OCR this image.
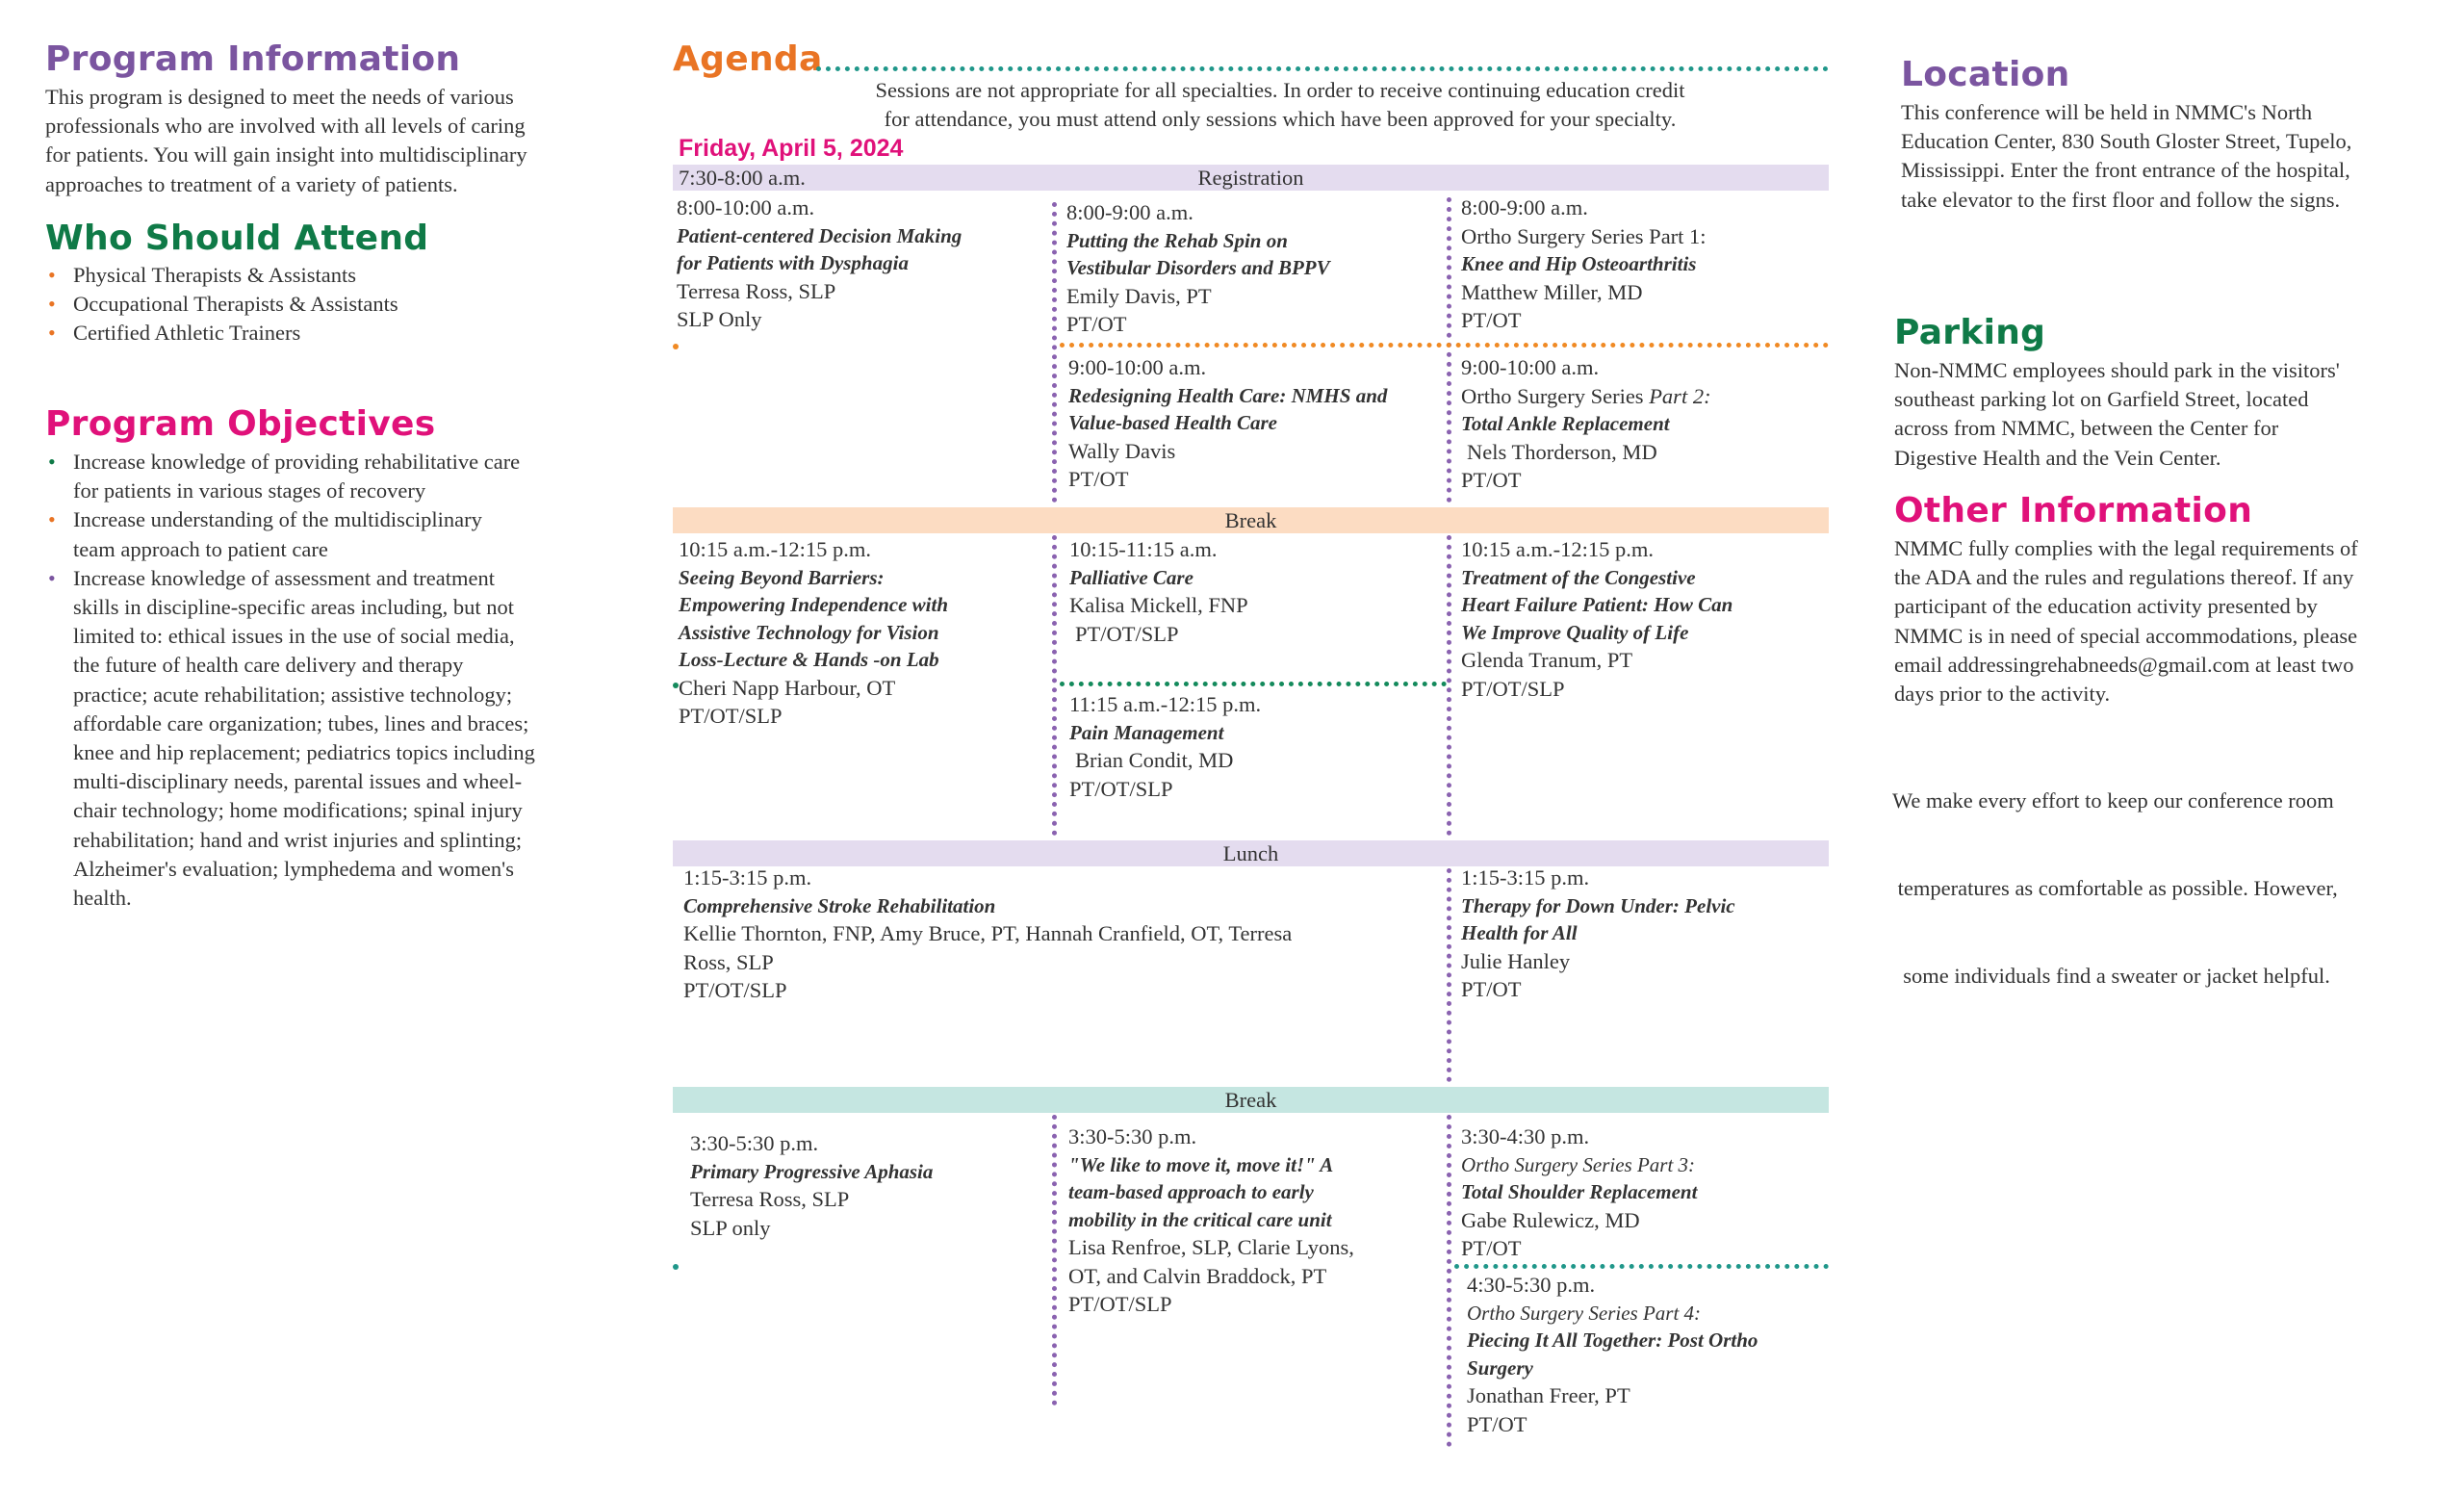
Program Information
This program is designed to meet the needs of various
professionals who are involved with all levels of caring
for patients. You will gain insight into multidisciplinary
approaches to treatment of a variety of patients.
Who Should Attend
• Physical Therapists & Assistants
• Occupational Therapists & Assistants
• Certified Athletic Trainers
Program Objectives
• Increase knowledge of providing rehabilitative care
for patients in various stages of recovery
• Increase understanding of the multidisciplinary
team approach to patient care
• Increase knowledge of assessment and treatment
skills in discipline-specific areas including, but not
limited to: ethical issues in the use of social media,
the future of health care delivery and therapy
practice; acute rehabilitation; assistive technology;
affordable care organization; tubes, lines and braces;
knee and hip replacement; pediatrics topics including
multi-disciplinary needs, parental issues and wheel-
chair technology; home modifications; spinal injury
rehabilitation; hand and wrist injuries and splinting;
Alzheimer's evaluation; lymphedema and women's
health.
Agenda
Sessions are not appropriate for all specialties. In order to receive continuing education credit
for attendance, you must attend only sessions which have been approved for your specialty.
Friday, April 5, 2024
Registration
7:30-8:00 a.m.
8:00-10:00 a.m.
Patient-centered Decision Making
for Patients with Dysphagia
Terresa Ross, SLP
SLP Only
8:00-9:00 a.m.
Putting the Rehab Spin on
Vestibular Disorders and BPPV
Emily Davis, PT
PT/OT
9:00-10:00 a.m.
Redesigning Health Care: NMHS and
Value-based Health Care
Wally Davis
PT/OT
8:00-9:00 a.m.
Ortho Surgery Series Part 1:
Knee and Hip Osteoarthritis
Matthew Miller, MD
PT/OT
9:00-10:00 a.m.
Ortho Surgery Series Part 2:
Total Ankle Replacement
Nels Thorderson, MD
PT/OT
Break
10:15 a.m.-12:15 p.m.
Seeing Beyond Barriers:
Empowering Independence with
Assistive Technology for Vision
Loss-Lecture & Hands -on Lab
Cheri Napp Harbour, OT
PT/OT/SLP
10:15-11:15 a.m.
Palliative Care
Kalisa Mickell, FNP
PT/OT/SLP
11:15 a.m.-12:15 p.m.
Pain Management
Brian Condit, MD
PT/OT/SLP
10:15 a.m.-12:15 p.m.
Treatment of the Congestive
Heart Failure Patient: How Can
We Improve Quality of Life
Glenda Tranum, PT
PT/OT/SLP
Lunch
1:15-3:15 p.m.
Comprehensive Stroke Rehabilitation
Kellie Thornton, FNP, Amy Bruce, PT, Hannah Cranfield, OT, Terresa
Ross, SLP
PT/OT/SLP
1:15-3:15 p.m.
Therapy for Down Under: Pelvic
Health for All
Julie Hanley
PT/OT
Break
3:30-5:30 p.m.
Primary Progressive Aphasia
Terresa Ross, SLP
SLP only
3:30-5:30 p.m.
"We like to move it, move it!" A
team-based approach to early
mobility in the critical care unit
Lisa Renfroe, SLP, Clarie Lyons,
OT, and Calvin Braddock, PT
PT/OT/SLP
3:30-4:30 p.m.
Ortho Surgery Series Part 3:
Total Shoulder Replacement
Gabe Rulewicz, MD
PT/OT
4:30-5:30 p.m.
Ortho Surgery Series Part 4:
Piecing It All Together: Post Ortho
Surgery
Jonathan Freer, PT
PT/OT
Location
This conference will be held in NMMC's North
Education Center, 830 South Gloster Street, Tupelo,
Mississippi. Enter the front entrance of the hospital,
take elevator to the first floor and follow the signs.
Parking
Non-NMMC employees should park in the visitors'
southeast parking lot on Garfield Street, located
across from NMMC, between the Center for
Digestive Health and the Vein Center.
Other Information
NMMC fully complies with the legal requirements of
the ADA and the rules and regulations thereof. If any
participant of the education activity presented by
NMMC is in need of special accommodations, please
email addressingrehabneeds@gmail.com at least two
days prior to the activity.

We make every effort to keep our conference room

temperatures as comfortable as possible. However,

some individuals find a sweater or jacket helpful.
